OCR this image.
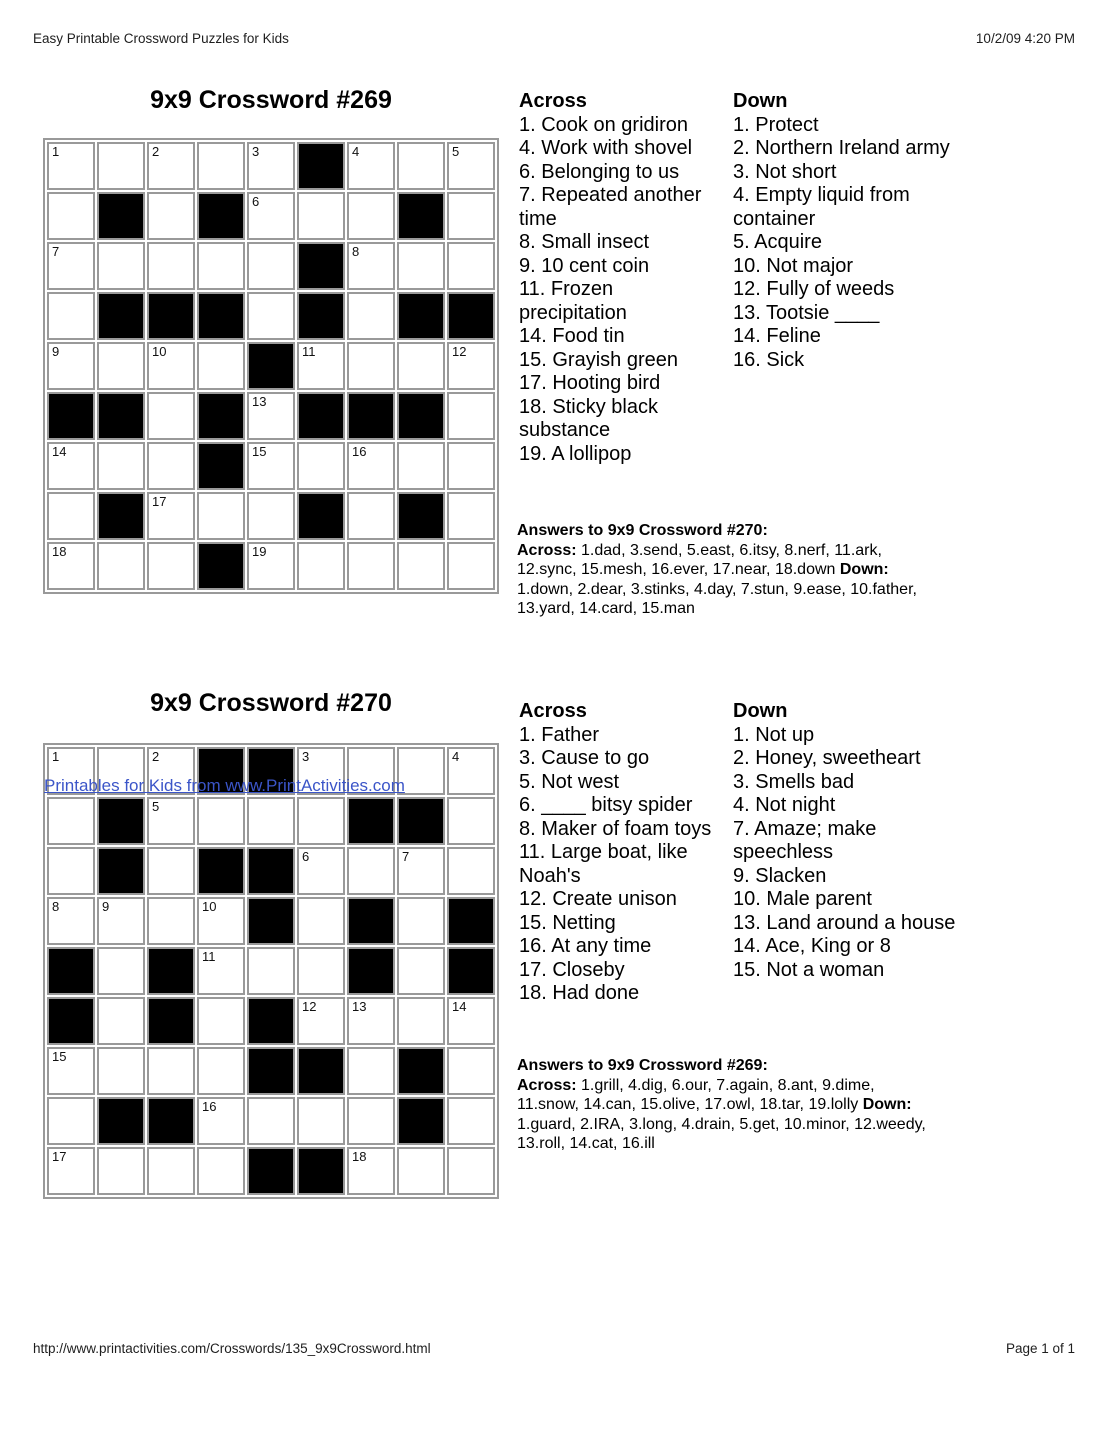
Easy Printable Crossword Puzzles for Kids	10/2/09 4:20 PM
9x9 Crossword #269
1		2		3		4		5

				6				

7						8		

9		10			11			12

				13				

14				15		16		

		17						

18				19				

Across
1. Cook on gridiron
4. Work with shovel
6. Belonging to us
7. Repeated another time
8. Small insect
9. 10 cent coin
11. Frozen precipitation
14. Food tin
15. Grayish green
17. Hooting bird
18. Sticky black substance
19. A lollipop
Down
1. Protect
2. Northern Ireland army
3. Not short
4. Empty liquid from container
5. Acquire
10. Not major
12. Fully of weeds
13. Tootsie ____
14. Feline
16. Sick
Answers to 9x9 Crossword #270:

Across: 1.dad, 3.send, 5.east, 6.itsy, 8.nerf, 11.ark, 12.sync, 15.mesh, 16.ever, 17.near, 18.down Down: 1.down, 2.dear, 3.stinks, 4.day, 7.stun, 9.ease, 10.father, 13.yard, 14.card, 15.man

9x9 Crossword #270
1		2			3			4

		5						

					6		7	

8	9		10					

			11					

					12	13		14

15								

			16					

17						18		

Printables for Kids from www.PrintActivities.com
Across
1. Father
3. Cause to go
5. Not west
6. ____ bitsy spider
8. Maker of foam toys
11. Large boat, like Noah's
12. Create unison
15. Netting
16. At any time
17. Closeby
18. Had done
Down
1. Not up
2. Honey, sweetheart
3. Smells bad
4. Not night
7. Amaze; make speechless
9. Slacken
10. Male parent
13. Land around a house
14. Ace, King or 8
15. Not a woman
Answers to 9x9 Crossword #269:

Across: 1.grill, 4.dig, 6.our, 7.again, 8.ant, 9.dime, 11.snow, 14.can, 15.olive, 17.owl, 18.tar, 19.lolly Down: 1.guard, 2.IRA, 3.long, 4.drain, 5.get, 10.minor, 12.weedy, 13.roll, 14.cat, 16.ill

http://www.printactivities.com/Crosswords/135_9x9Crossword.html	Page 1 of 1
